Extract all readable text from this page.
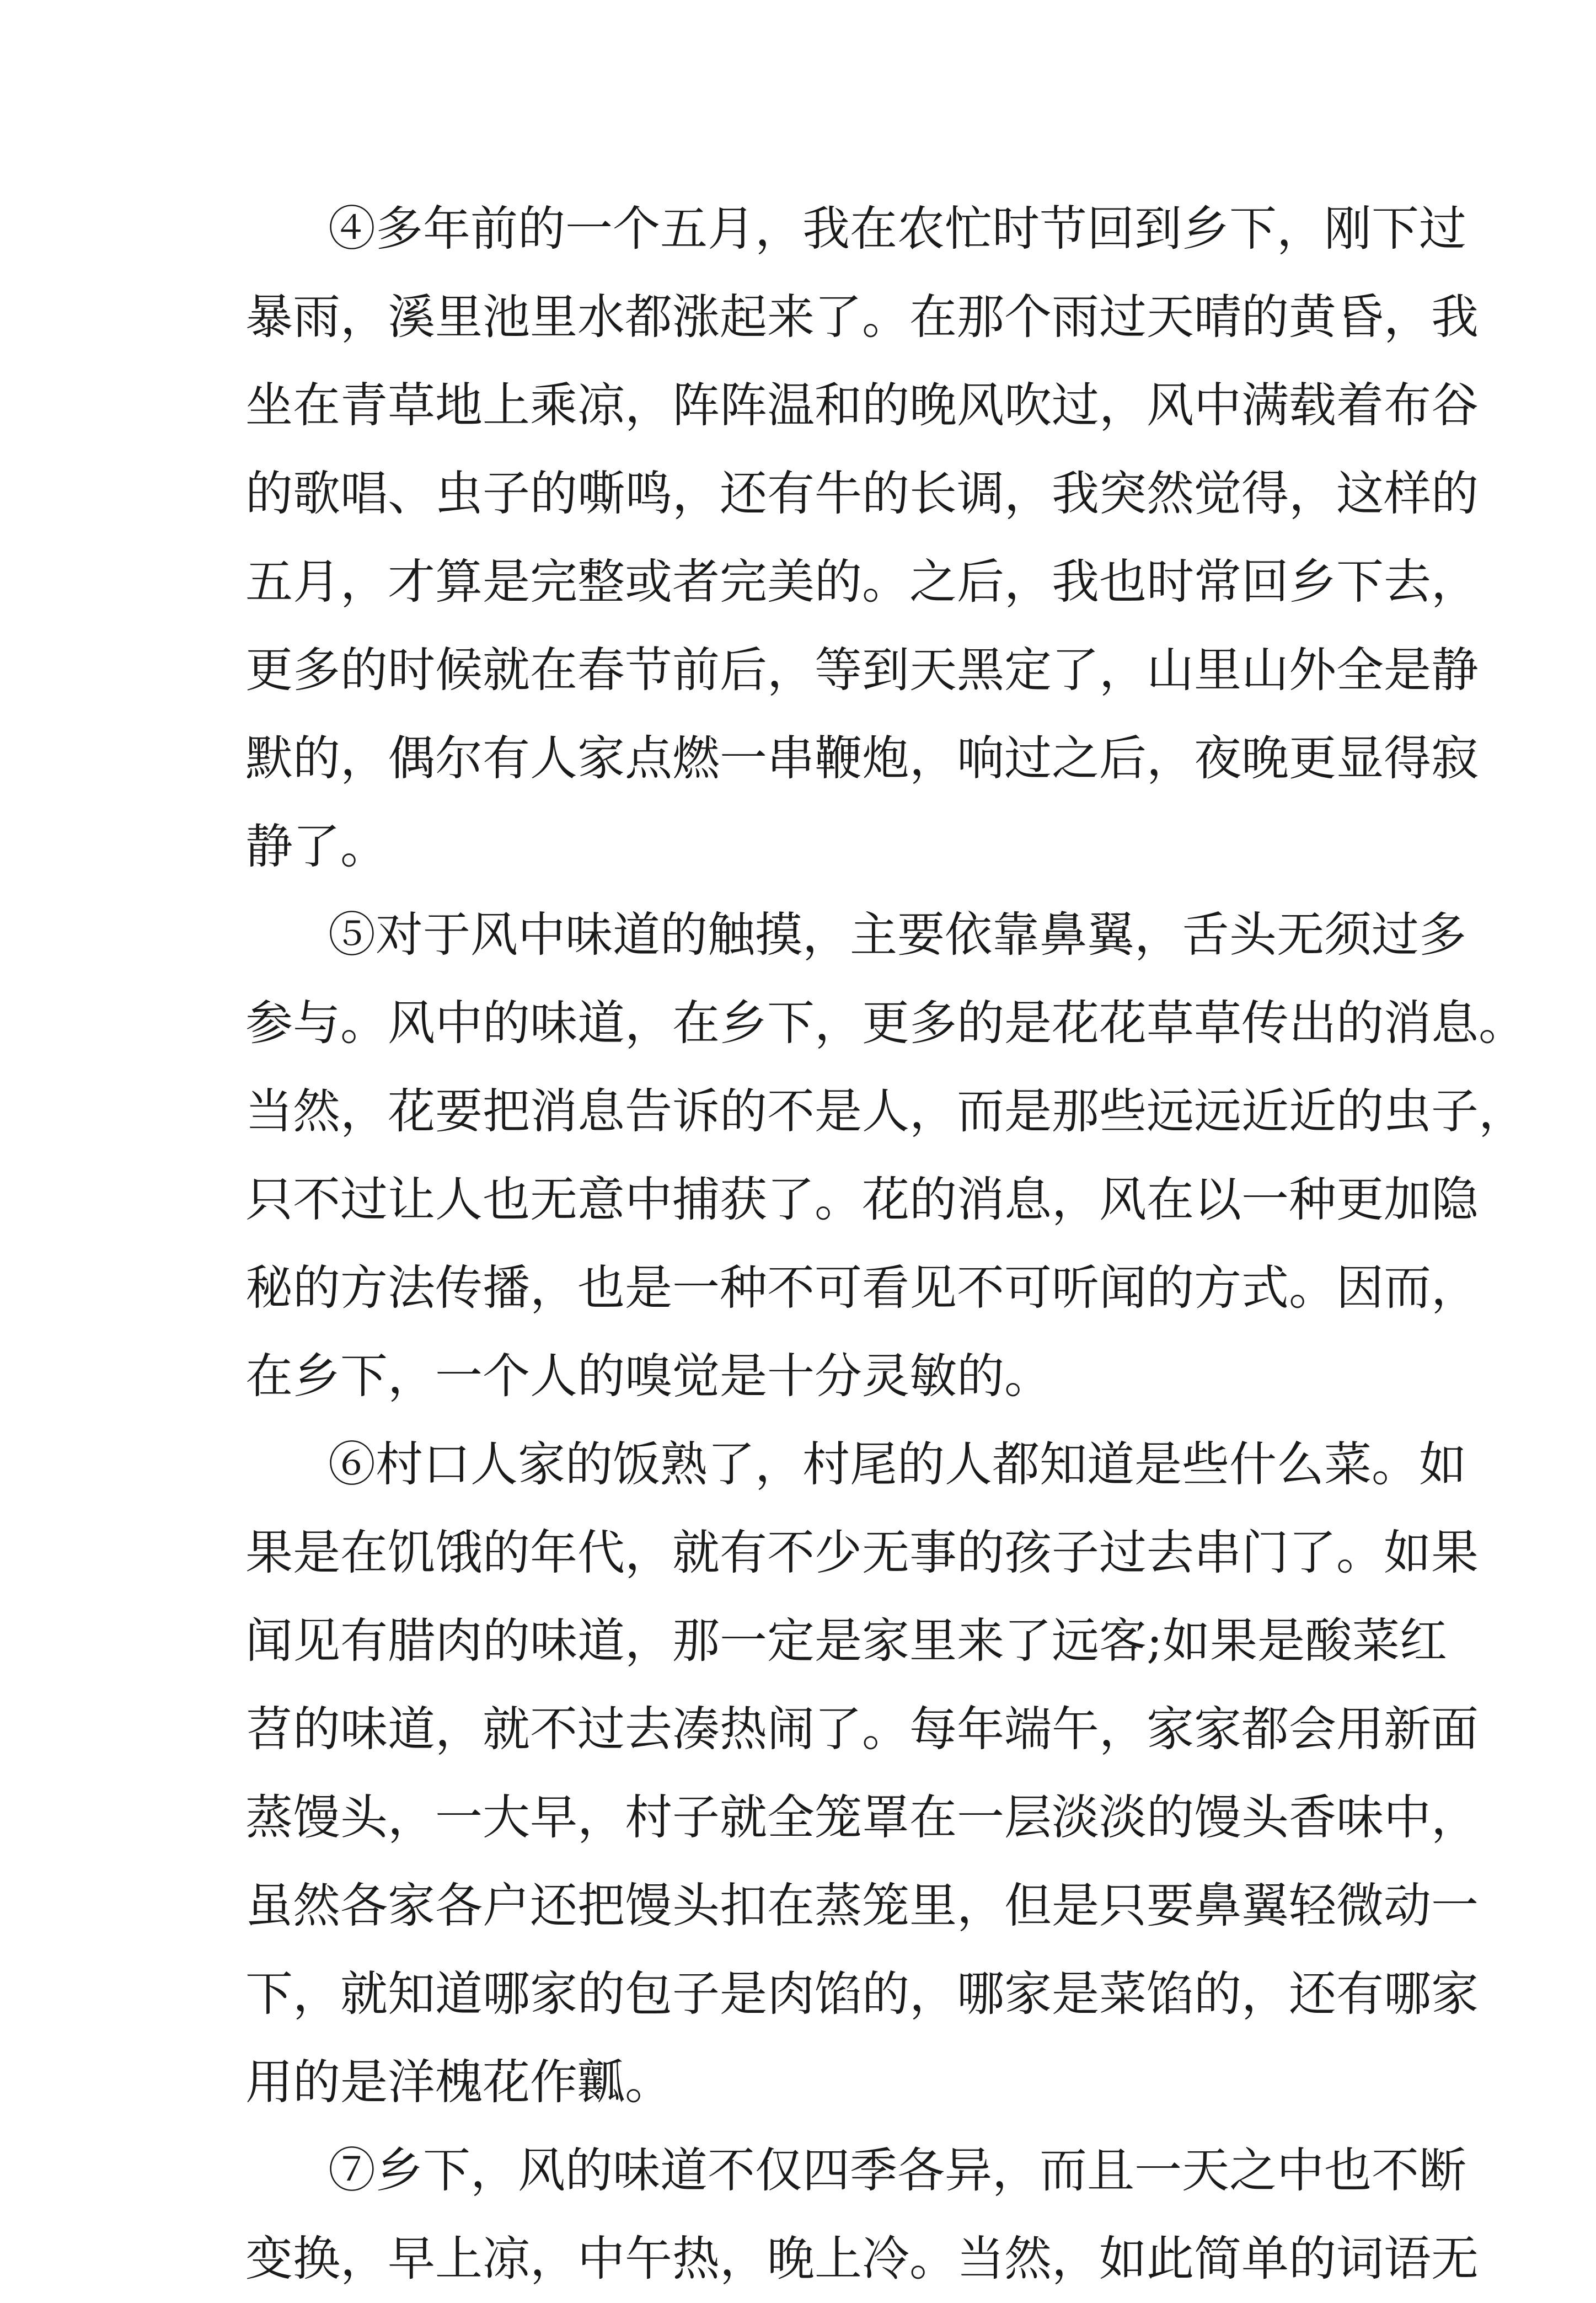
④多年前的一个五月，我在农忙时节回到乡下，刚下过
暴雨，溪里池里水都涨起来了。在那个雨过天晴的黄昏，我
坐在青草地上乘凉，阵阵温和的晚风吹过，风中满载着布谷
的歌唱、虫子的嘶鸣，还有牛的长调，我突然觉得，这样的
五月，才算是完整或者完美的。之后，我也时常回乡下去，
更多的时候就在春节前后，等到天黑定了，山里山外全是静
默的，偶尔有人家点燃一串鞭炮，响过之后，夜晚更显得寂
静了。
⑤对于风中味道的触摸，主要依靠鼻翼，舌头无须过多
参与。风中的味道，在乡下，更多的是花花草草传出的消息。
当然，花要把消息告诉的不是人，而是那些远远近近的虫子，
只不过让人也无意中捕获了。花的消息，风在以一种更加隐
秘的方法传播，也是一种不可看见不可听闻的方式。因而，
在乡下，一个人的嗅觉是十分灵敏的。
⑥村口人家的饭熟了，村尾的人都知道是些什么菜。如
果是在饥饿的年代，就有不少无事的孩子过去串门了。如果
闻见有腊肉的味道，那一定是家里来了远客;如果是酸菜红
苕的味道，就不过去凑热闹了。每年端午，家家都会用新面
蒸馒头，一大早，村子就全笼罩在一层淡淡的馒头香味中，
虽然各家各户还把馒头扣在蒸笼里，但是只要鼻翼轻微动一
下，就知道哪家的包子是肉馅的，哪家是菜馅的，还有哪家
用的是洋槐花作瓤。
⑦乡下，风的味道不仅四季各异，而且一天之中也不断
变换，早上凉，中午热，晚上冷。当然，如此简单的词语无
